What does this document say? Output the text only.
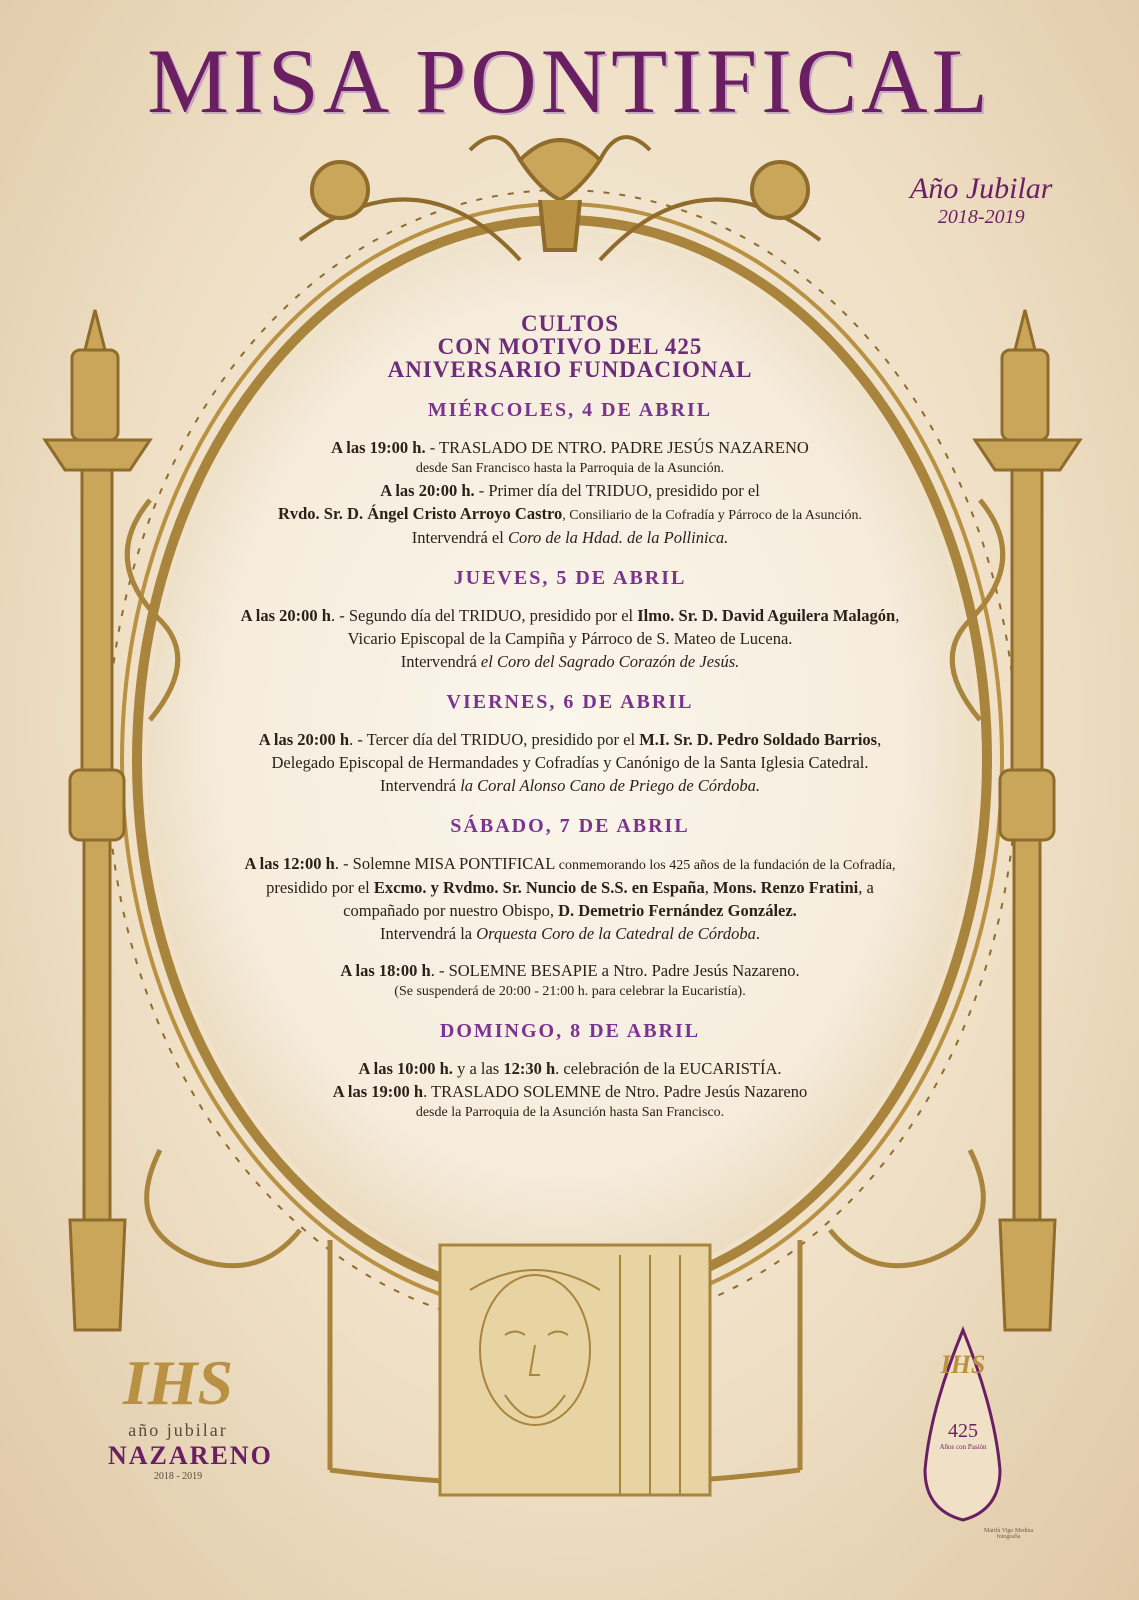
MISA PONTIFICAL
Año Jubilar
2018-2019
CULTOS
CON MOTIVO DEL 425
ANIVERSARIO FUNDACIONAL
MIÉRCOLES, 4 DE ABRIL
A las 19:00 h. - TRASLADO DE NTRO. PADRE JESÚS NAZARENO
desde San Francisco hasta la Parroquia de la Asunción.
A las 20:00 h. - Primer día del TRIDUO, presidido por el
Rvdo. Sr. D. Ángel Cristo Arroyo Castro, Consiliario de la Cofradía y Párroco de la Asunción.
Intervendrá el Coro de la Hdad. de la Pollinica.
JUEVES, 5 DE ABRIL
A las 20:00 h. - Segundo día del TRIDUO, presidido por el Ilmo. Sr. D. David Aguilera Malagón,
Vicario Episcopal de la Campiña y Párroco de S. Mateo de Lucena.
Intervendrá el Coro del Sagrado Corazón de Jesús.
VIERNES, 6 DE ABRIL
A las 20:00 h. - Tercer día del TRIDUO, presidido por el M.I. Sr. D. Pedro Soldado Barrios,
Delegado Episcopal de Hermandades y Cofradías y Canónigo de la Santa Iglesia Catedral.
Intervendrá la Coral Alonso Cano de Priego de Córdoba.
SÁBADO, 7 DE ABRIL
A las 12:00 h. - Solemne MISA PONTIFICAL conmemorando los 425 años de la fundación de la Cofradía,
presidido por el Excmo. y Rvdmo. Sr. Nuncio de S.S. en España, Mons. Renzo Fratini, a
compañado por nuestro Obispo, D. Demetrio Fernández González.
Intervendrá la Orquesta Coro de la Catedral de Córdoba.
A las 18:00 h. - SOLEMNE BESAPIE a Ntro. Padre Jesús Nazareno.
(Se suspenderá de 20:00 - 21:00 h. para celebrar la Eucaristía).
DOMINGO, 8 DE ABRIL
A las 10:00 h. y a las 12:30 h. celebración de la EUCARISTÍA.
A las 19:00 h. TRASLADO SOLEMNE de Ntro. Padre Jesús Nazareno
desde la Parroquia de la Asunción hasta San Francisco.
IHS
año jubilar
NAZARENO
2018 - 2019
IHS
425
Años con Pasión
Marilú Vigo Medina
fotografía
